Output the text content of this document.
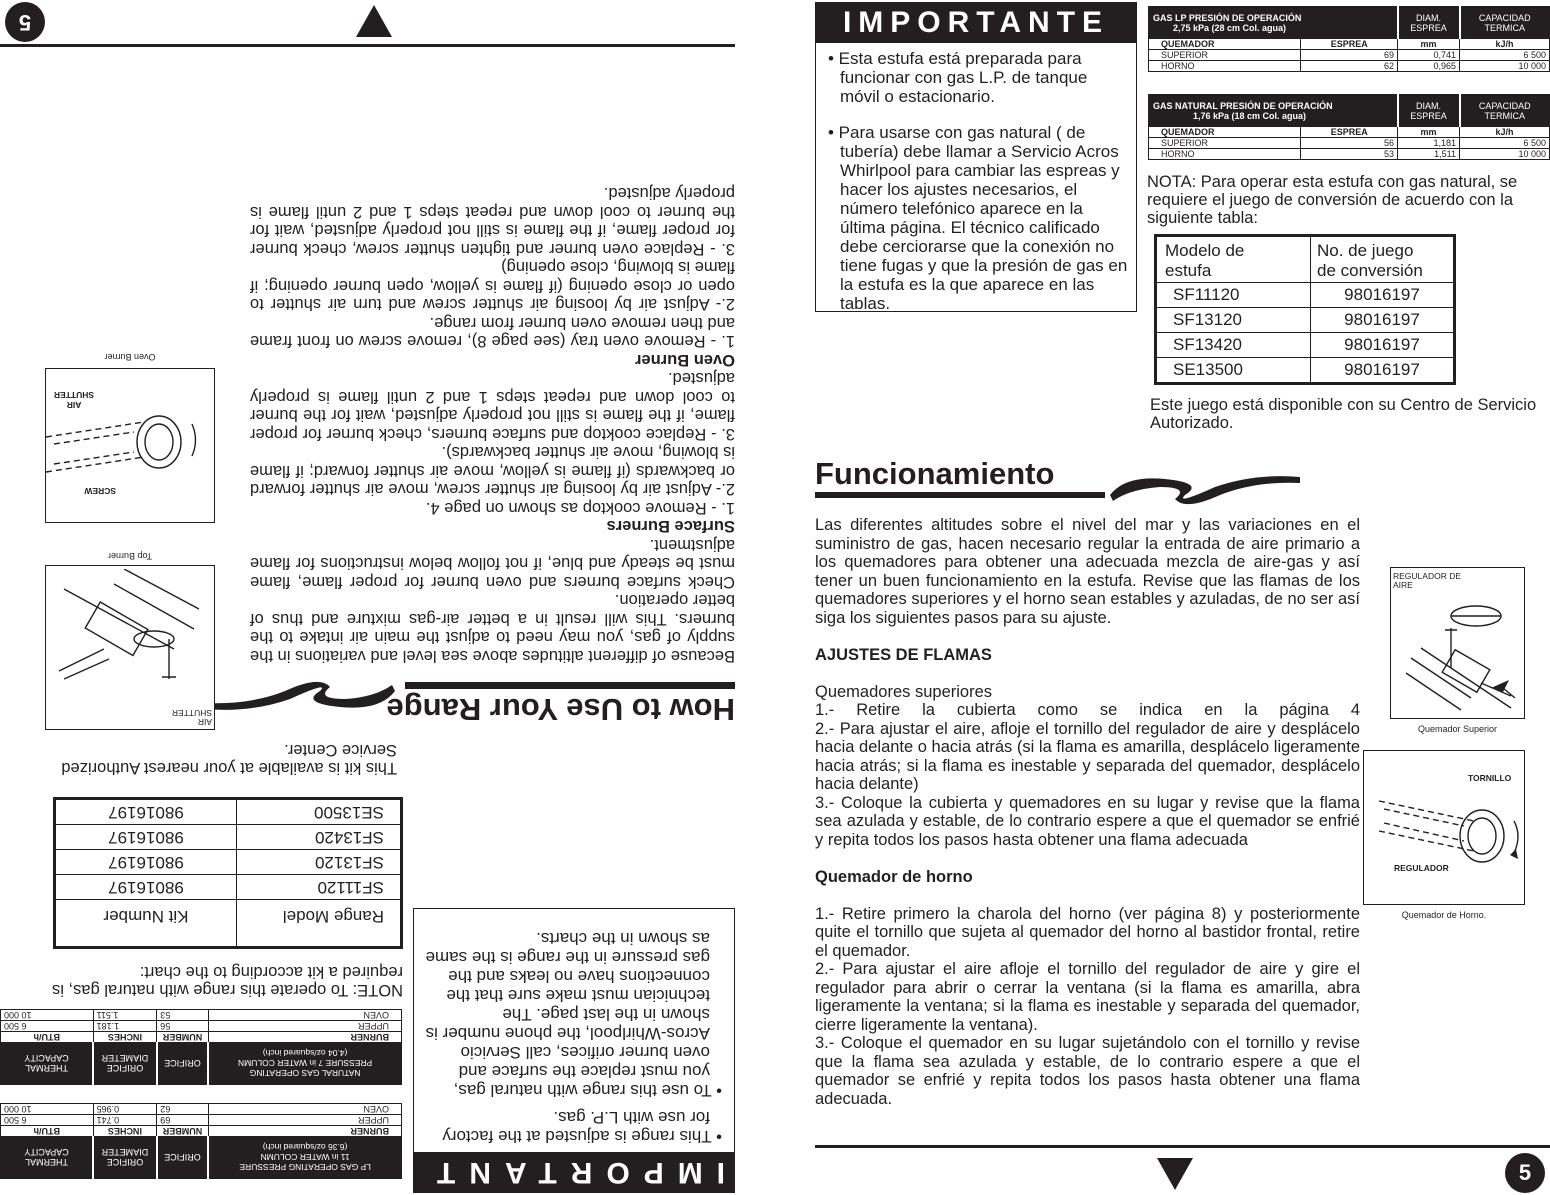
IMPORTANTE

• Esta estufa está preparada para funcionar con gas L.P. de tanque móvil o estacionario.

• Para usarse con gas natural ( de tubería) debe llamar a Servicio Acros Whirlpool para cambiar las espreas y hacer los ajustes necesarios, el número telefónico aparece en la última página. El técnico calificado debe cerciorarse que la conexión no tiene fugas y que la presión de gas en la estufa es la que aparece en las tablas.

GAS LP PRESIÓN DE OPERACIÓN
2,75 kPa (28 cm Col. agua)		DIAM. ESPREA	CAPACIDAD TERMICA
QUEMADOR	ESPREA	mm	kJ/h
SUPERIOR	69	0,741	6 500
HORNO	62	0,965	10 000
GAS NATURAL PRESIÓN DE OPERACIÓN
1,76 kPa (18 cm Col. agua)		DIAM. ESPREA	CAPACIDAD TERMICA
QUEMADOR	ESPREA	mm	kJ/h
SUPERIOR	56	1,181	6 500
HORNO	53	1,511	10 000
NOTA: Para operar esta estufa con gas natural, se requiere el juego de conversión de acuerdo con la siguiente tabla:
Modelo de estufa	No. de juego de conversión
SF11120	98016197
SF13120	98016197
SF13420	98016197
SE13500	98016197
Este juego está disponible con su Centro de Servicio Autorizado.
Funcionamiento

Las diferentes altitudes sobre el nivel del mar y las variaciones en el suministro de gas, hacen necesario regular la entrada de aire primario a los quemadores para obtener una adecuada mezcla de aire-gas y así tener un buen funcionamiento en la estufa. Revise que las flamas de los quemadores superiores y el horno sean estables y azuladas, de no ser así siga los siguientes pasos para su ajuste.

AJUSTES DE FLAMAS

Quemadores superiores

1.- Retire la cubierta como se indica en la página 4

2.- Para ajustar el aire, afloje el tornillo del regulador de aire y desplácelo hacia delante o hacia atrás (si la flama es amarilla, desplácelo ligeramente hacia atrás; si la flama es inestable y separada del quemador, desplácelo hacia delante)

3.- Coloque la cubierta y quemadores en su lugar y revise que la flama sea azulada y estable, de lo contrario espere a que el quemador se enfrié y repita todos los pasos hasta obtener una flama adecuada

Quemador de horno

1.- Retire primero la charola del horno (ver página 8) y posteriormente quite el tornillo que sujeta al quemador del horno al bastidor frontal, retire el quemador.

2.- Para ajustar el aire afloje el tornillo del regulador de aire y gire el regulador para abrir o cerrar la ventana (si la flama es amarilla, abra ligeramente la ventana; si la flama es inestable y separada del quemador, cierre ligeramente la ventana).

3.- Coloque el quemador en su lugar sujetándolo con el tornillo y revise que la flama sea azulada y estable, de lo contrario espere a que el quemador se enfrié y repita todos los pasos hasta obtener una flama adecuada.

REGULADOR DE AIRE
Quemador Superior
TORNILLO
REGULADOR
Quemador de Horno.
5
IMPORTANT

• This range is adjusted at the factory for use with L.P. gas.

• To use this range with natural gas, you must replace the surface and oven burner orifices, call Servicio Acros-Whirlpool, the phone number is shown in the last page. The technician must make sure that the connections have no leaks and the gas pressure in the range is the same as shown in the charts.

LP GAS OPERATING PRESSURE
11 in WATER COLUMN
(6.36 oz/squared inch)	ORIFICE	ORIFICE DIAMETER	THERMAL CAPACITY
BURNER	NUMBER	INCHES	BTU/h
UPPER	69	0.741	6 500
OVEN	62	0.965	10 000
NATURAL GAS OPERATING
PRESSURE 7 in WATER COLUMN
(4.04 oz/squared inch)	ORIFICE	ORIFICE DIAMETER	THERMAL CAPACITY
BURNER	NUMBER	INCHES	BTU/h
UPPER	56	1.181	6 500
OVEN	53	1.511	10 000
NOTE: To operate this range with natural gas, is required a kit according to the chart:
Range Model	Kit Number
SF11120	98016197
SF13120	98016197
SF13420	98016197
SE13500	98016197
This kit is available at your nearest Authorized Service Center.
How to Use Your Range

Because of different altitudes above sea level and variations in the supply of gas, you may need to adjust the main air intake to the burners. This will result in a better air-gas mixture and thus of better operation.

Check surface burners and oven burner for proper flame, flame must be steady and blue, if not follow below instructions for flame adjustment.

Surface Burners

1. - Remove cooktop as shown on page 4.

2.- Adjust air by loosing air shutter screw, move air shutter forward or backwards (if flame is yellow, move air shutter forward; if flame is blowing, move air shutter backwards).

3. - Replace cooktop and surface burners, check burner for proper flame, if the flame is still not properly adjusted, wait for the burner to cool down and repeat steps 1 and 2 until flame is properly adjusted.

Oven Burner

1. - Remove oven tray (see page 8), remove screw on front frame and then remove oven burner from range.

2.- Adjust air by loosing air shutter screw and turn air shutter to open or close opening (if flame is yellow, open burner opening; if flame is blowing, close opening)

3. - Replace oven burner and tighten shutter screw, check burner for proper flame, if the flame is still not properly adjusted, wait for the burner to cool down and repeat steps 1 and 2 until flame is properly adjusted.

AIR SHUTTER
Top Burner
SCREW
AIR SHUTTER
Oven Burner
5
